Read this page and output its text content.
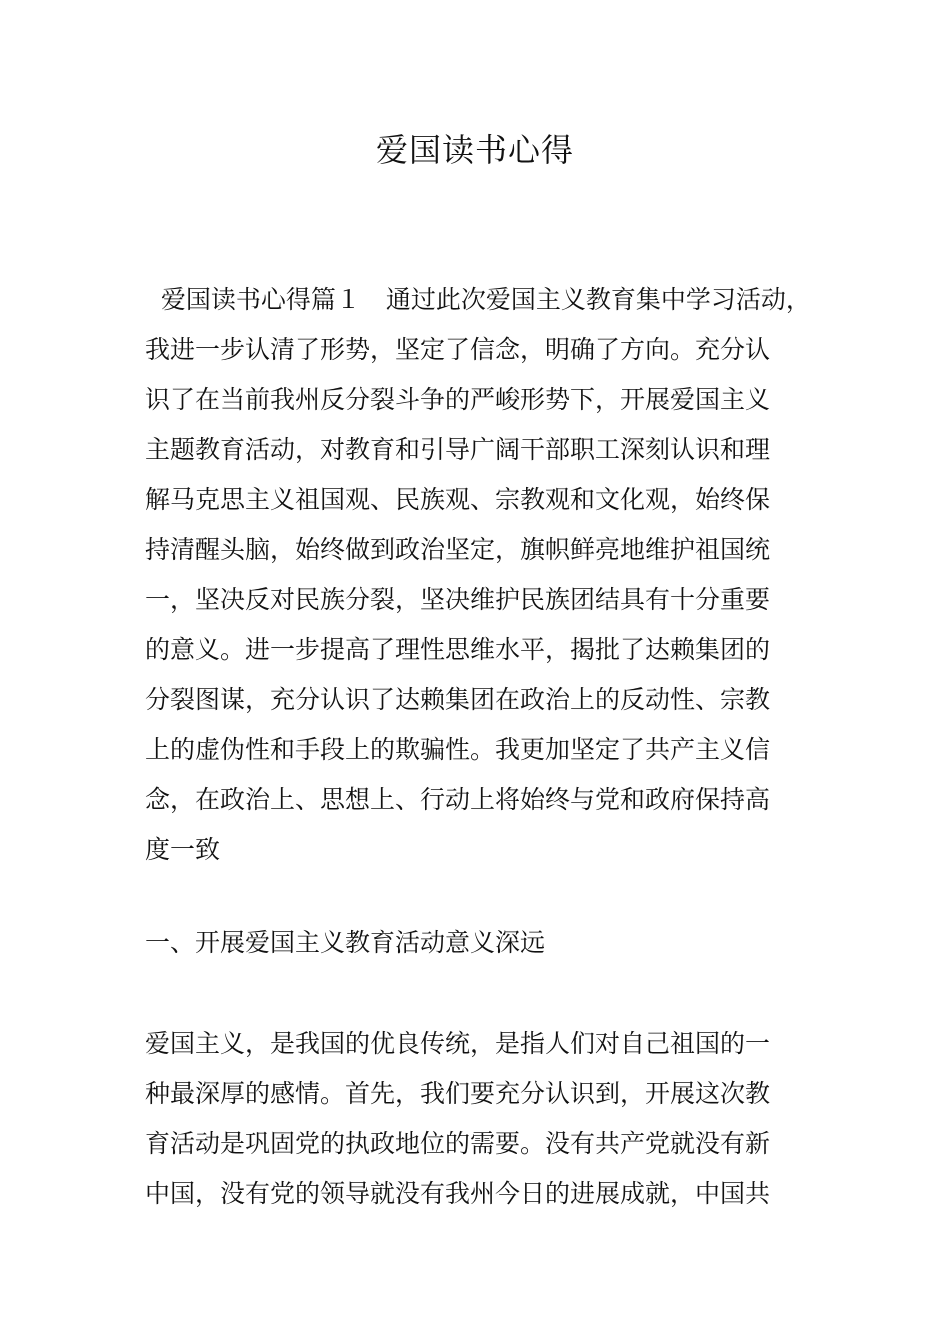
爱国读书心得
爱国读书心得篇１　通过此次爱国主义教育集中学习活动，
我进一步认清了形势，坚定了信念，明确了方向。充分认
识了在当前我州反分裂斗争的严峻形势下，开展爱国主义
主题教育活动，对教育和引导广阔干部职工深刻认识和理
解马克思主义祖国观、民族观、宗教观和文化观，始终保
持清醒头脑，始终做到政治坚定，旗帜鲜亮地维护祖国统
一，坚决反对民族分裂，坚决维护民族团结具有十分重要
的意义。进一步提高了理性思维水平，揭批了达赖集团的
分裂图谋，充分认识了达赖集团在政治上的反动性、宗教
上的虚伪性和手段上的欺骗性。我更加坚定了共产主义信
念，在政治上、思想上、行动上将始终与党和政府保持高
度一致
一、开展爱国主义教育活动意义深远
爱国主义，是我国的优良传统，是指人们对自己祖国的一
种最深厚的感情。首先，我们要充分认识到，开展这次教
育活动是巩固党的执政地位的需要。没有共产党就没有新
中国，没有党的领导就没有我州今日的进展成就，中国共
